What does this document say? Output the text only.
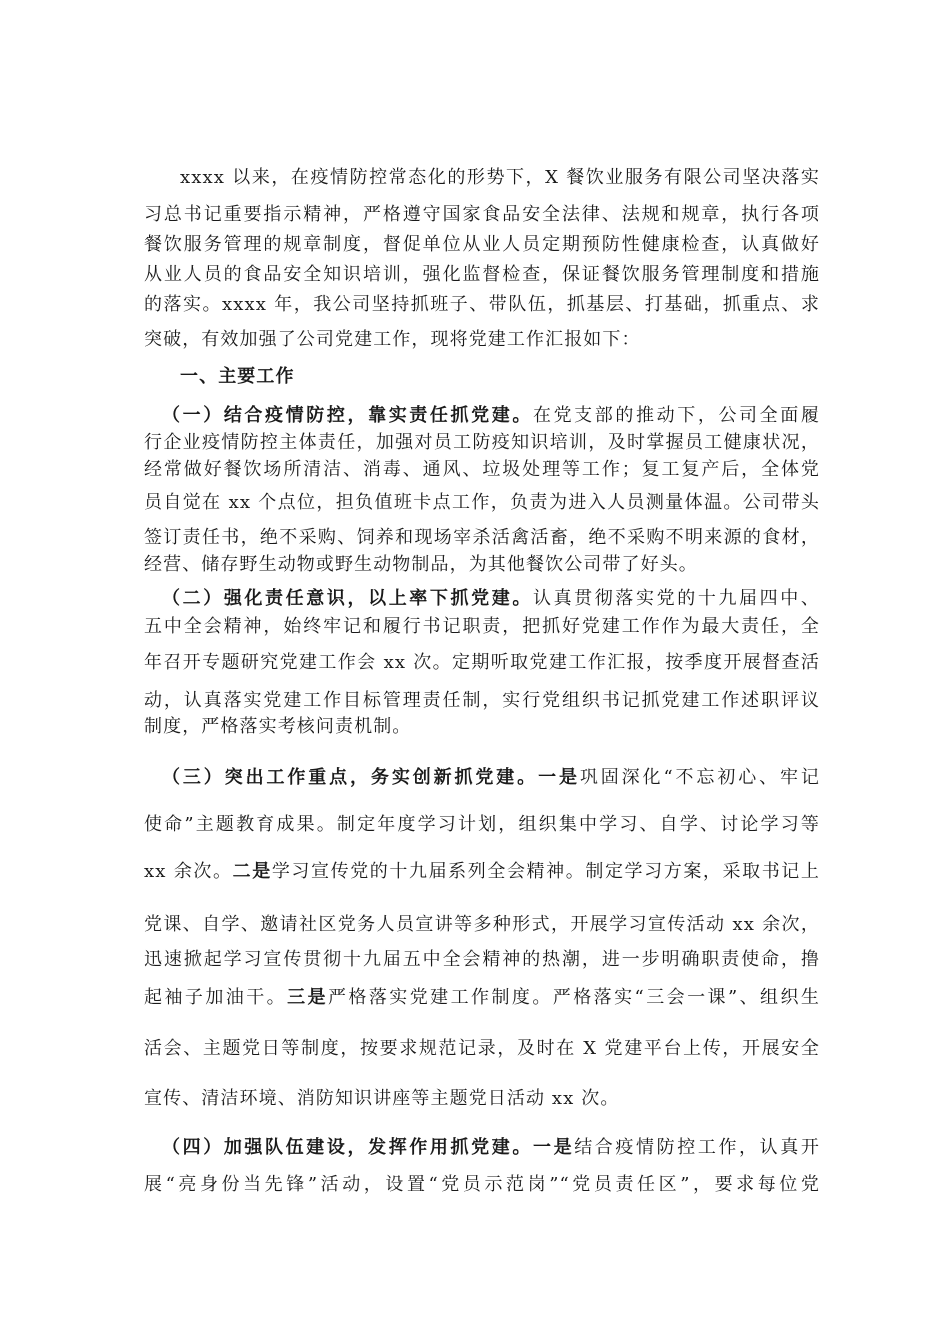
xxxx 以来，在疫情防控常态化的形势下，X 餐饮业服务有限公司坚决落实
习总书记重要指示精神，严格遵守国家食品安全法律、法规和规章，执行各项
餐饮服务管理的规章制度，督促单位从业人员定期预防性健康检查，认真做好
从业人员的食品安全知识培训，强化监督检查，保证餐饮服务管理制度和措施
的落实。xxxx 年，我公司坚持抓班子、带队伍，抓基层、打基础，抓重点、求
突破，有效加强了公司党建工作，现将党建工作汇报如下：
一、主要工作
（一）结合疫情防控，靠实责任抓党建。在党支部的推动下，公司全面履
行企业疫情防控主体责任，加强对员工防疫知识培训，及时掌握员工健康状况，
经常做好餐饮场所清洁、消毒、通风、垃圾处理等工作；复工复产后，全体党
员自觉在 xx 个点位，担负值班卡点工作，负责为进入人员测量体温。公司带头
签订责任书，绝不采购、饲养和现场宰杀活禽活畜，绝不采购不明来源的食材，
经营、储存野生动物或野生动物制品，为其他餐饮公司带了好头。
（二）强化责任意识，以上率下抓党建。认真贯彻落实党的十九届四中、
五中全会精神，始终牢记和履行书记职责，把抓好党建工作作为最大责任，全
年召开专题研究党建工作会 xx 次。定期听取党建工作汇报，按季度开展督查活
动，认真落实党建工作目标管理责任制，实行党组织书记抓党建工作述职评议
制度，严格落实考核问责机制。
（三）突出工作重点，务实创新抓党建。一是巩固深化“不忘初心、牢记
使命”主题教育成果。制定年度学习计划，组织集中学习、自学、讨论学习等
xx 余次。二是学习宣传党的十九届系列全会精神。制定学习方案，采取书记上
党课、自学、邀请社区党务人员宣讲等多种形式，开展学习宣传活动 xx 余次，
迅速掀起学习宣传贯彻十九届五中全会精神的热潮，进一步明确职责使命，撸
起袖子加油干。三是严格落实党建工作制度。严格落实“三会一课”、组织生
活会、主题党日等制度，按要求规范记录，及时在 X 党建平台上传，开展安全
宣传、清洁环境、消防知识讲座等主题党日活动 xx 次。
（四）加强队伍建设，发挥作用抓党建。一是结合疫情防控工作，认真开
展“亮身份当先锋”活动，设置“党员示范岗”“党员责任区”，要求每位党
